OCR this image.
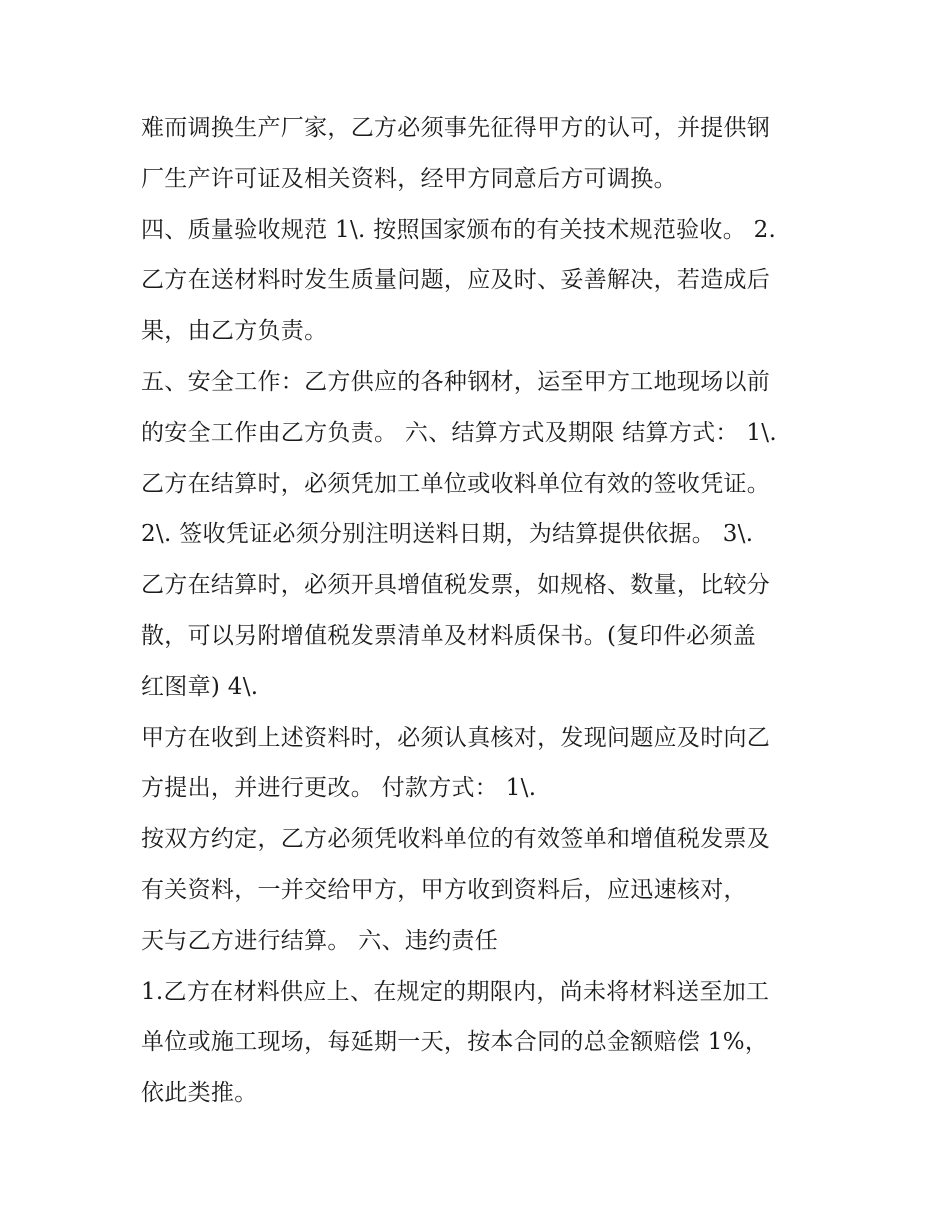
难而调换生产厂家，乙方必须事先征得甲方的认可，并提供钢
厂生产许可证及相关资料，经甲方同意后方可调换。
四、质量验收规范 1\. 按照国家颁布的有关技术规范验收。 2.
乙方在送材料时发生质量问题，应及时、妥善解决，若造成后
果，由乙方负责。
五、安全工作：乙方供应的各种钢材，运至甲方工地现场以前
的安全工作由乙方负责。 六、结算方式及期限 结算方式： 1\.
乙方在结算时，必须凭加工单位或收料单位有效的签收凭证。
2\. 签收凭证必须分别注明送料日期，为结算提供依据。 3\.
乙方在结算时，必须开具增值税发票，如规格、数量，比较分
散，可以另附增值税发票清单及材料质保书。(复印件必须盖
红图章) 4\.
甲方在收到上述资料时，必须认真核对，发现问题应及时向乙
方提出，并进行更改。 付款方式： 1\.
按双方约定，乙方必须凭收料单位的有效签单和增值税发票及
有关资料，一并交给甲方，甲方收到资料后，应迅速核对，
天与乙方进行结算。 六、违约责任
1.乙方在材料供应上、在规定的期限内，尚未将材料送至加工
单位或施工现场，每延期一天，按本合同的总金额赔偿 1%，
依此类推。
